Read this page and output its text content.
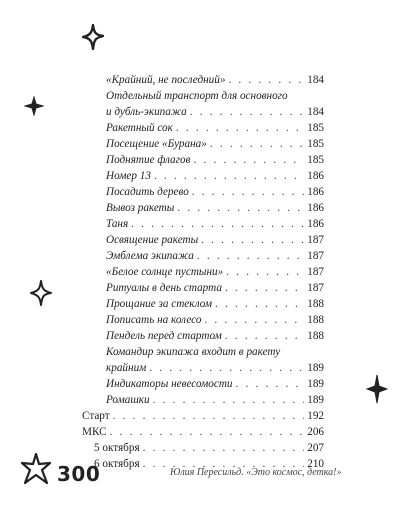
«Крайний, не последний» . . .	184
Отдельный транспорт для основного
и дубль-экипажа . . .	184
Ракетный сок . . .	185
Посещение «Бурана» . . .	185
Поднятие флагов . . .	185
Номер 13 . . .	186
Посадить дерево . . .	186
Вывоз ракеты . . .	186
Таня . . .	186
Освящение ракеты . . .	187
Эмблема экипажа . . .	187
«Белое солнце пустыни» . . .	187
Ритуалы в день старта . . .	187
Прощание за стеклом . . .	188
Пописать на колесо . . .	188
Пендель перед стартом . . .	188
Командир экипажа входит в ракету
крайним . . .	189
Индикаторы невесомости . . .	189
Ромашки . . .	189
Старт . . .	192
МКС . . .	206
5 октября . . .	207
6 октября . . .	210
300	Юлия Пересильд. «Это космос, детка!»
